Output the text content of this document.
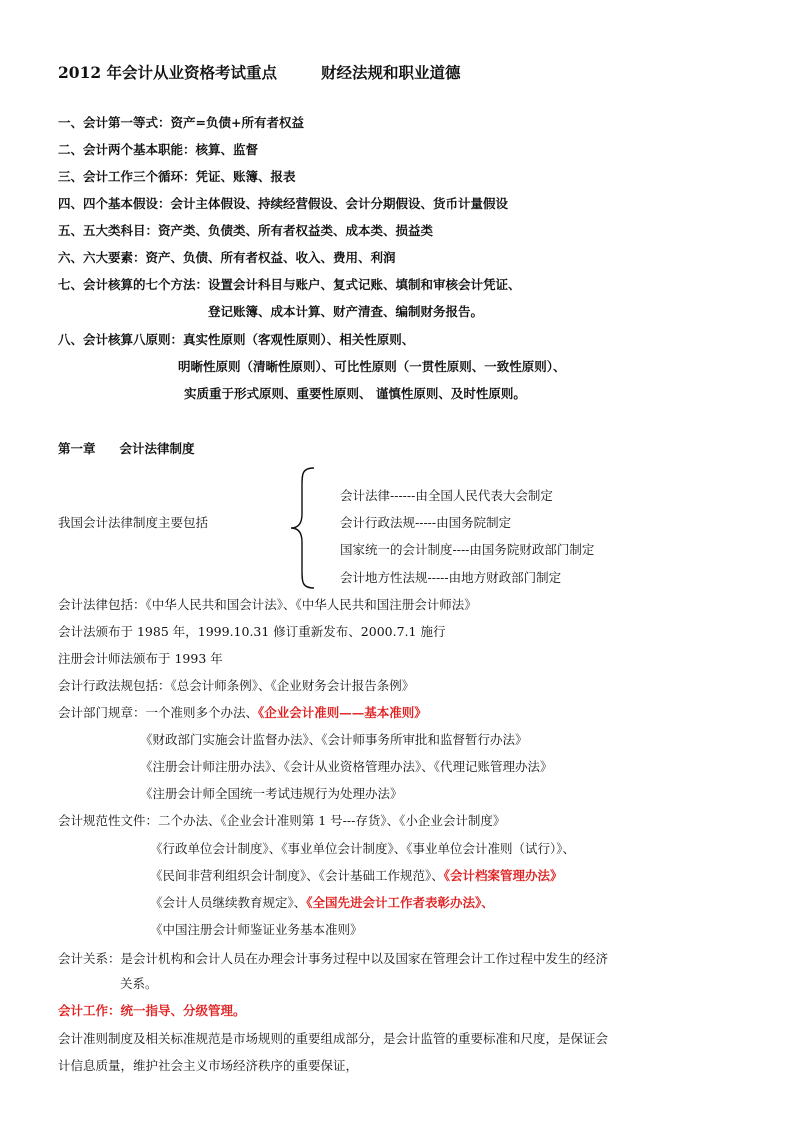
2012 年会计从业资格考试重点	财经法规和职业道德
一、会计第一等式：资产=负债+所有者权益
二、会计两个基本职能：核算、监督
三、会计工作三个循环：凭证、账簿、报表
四、四个基本假设：会计主体假设、持续经营假设、会计分期假设、货币计量假设
五、五大类科目：资产类、负债类、所有者权益类、成本类、损益类
六、六大要素：资产、负债、所有者权益、收入、费用、利润
七、会计核算的七个方法：设置会计科目与账户、复式记账、填制和审核会计凭证、
登记账簿、成本计算、财产清查、编制财务报告。
八、会计核算八原则：真实性原则（客观性原则）、相关性原则、
明晰性原则（清晰性原则）、可比性原则（一贯性原则、一致性原则）、
实质重于形式原则、重要性原则、 谨慎性原则、及时性原则。
第一章 会计法律制度
我国会计法律制度主要包括
会计法律------由全国人民代表大会制定
会计行政法规-----由国务院制定
国家统一的会计制度----由国务院财政部门制定
会计地方性法规-----由地方财政部门制定
会计法律包括：《中华人民共和国会计法》、《中华人民共和国注册会计师法》
会计法颁布于 1985 年，1999.10.31 修订重新发布、2000.7.1 施行
注册会计师法颁布于 1993 年
会计行政法规包括：《总会计师条例》、《企业财务会计报告条例》
会计部门规章：一个准则多个办法、《企业会计准则——基本准则》
《财政部门实施会计监督办法》、《会计师事务所审批和监督暂行办法》
《注册会计师注册办法》、《会计从业资格管理办法》、《代理记账管理办法》
《注册会计师全国统一考试违规行为处理办法》
会计规范性文件：二个办法、《企业会计准则第 1 号---存货》、《小企业会计制度》
《行政单位会计制度》、《事业单位会计制度》、《事业单位会计准则（试行）》、
《民间非营利组织会计制度》、《会计基础工作规范》、《会计档案管理办法》
《会计人员继续教育规定》、《全国先进会计工作者表彰办法》、
《中国注册会计师鉴证业务基本准则》
会计关系：是会计机构和会计人员在办理会计事务过程中以及国家在管理会计工作过程中发生的经济
关系。
会计工作：统一指导、分级管理。
会计准则制度及相关标准规范是市场规则的重要组成部分，是会计监管的重要标准和尺度，是保证会
计信息质量，维护社会主义市场经济秩序的重要保证，
